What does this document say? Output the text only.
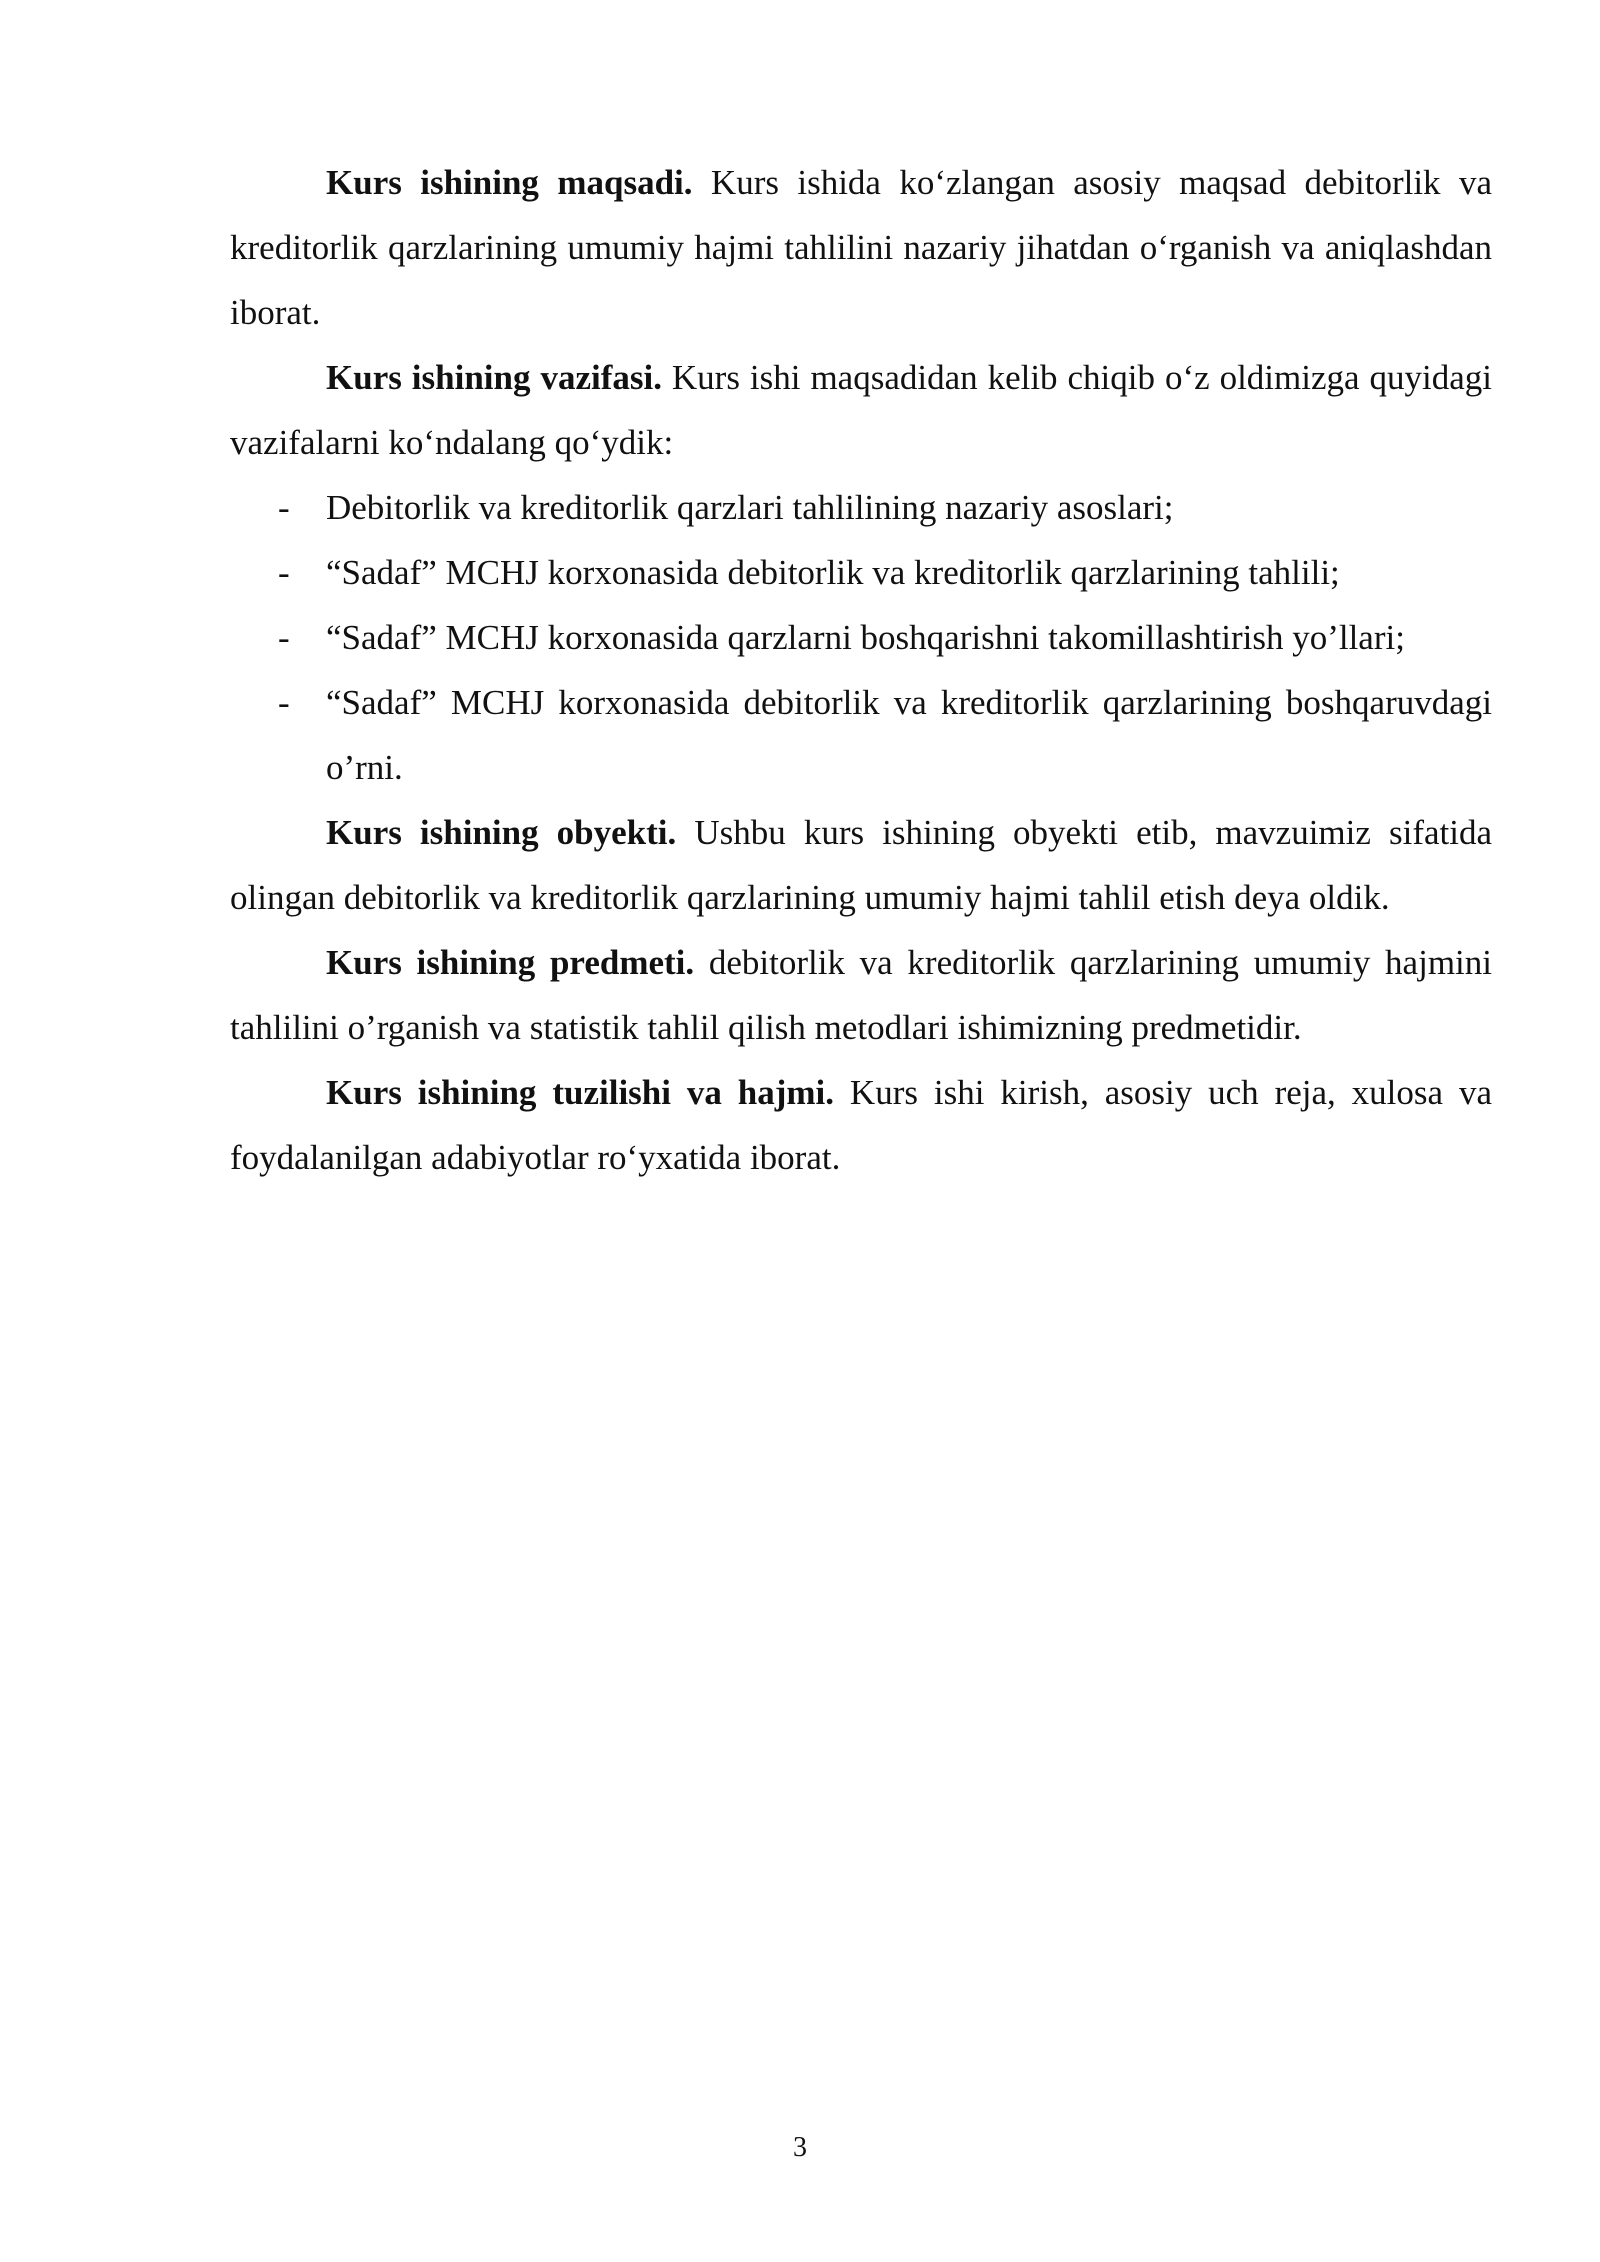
Kurs ishining maqsadi. Kurs ishida ko‘zlangan asosiy maqsad debitorlik va kreditorlik qarzlarining umumiy hajmi tahlilini nazariy jihatdan o‘rganish va aniqlashdan iborat.

Kurs ishining vazifasi. Kurs ishi maqsadidan kelib chiqib o‘z oldimizga quyidagi vazifalarni ko‘ndalang qo‘ydik:

- Debitorlik va kreditorlik qarzlari tahlilining nazariy asoslari;
- “Sadaf” MCHJ korxonasida debitorlik va kreditorlik qarzlarining tahlili;
- “Sadaf” MCHJ korxonasida qarzlarni boshqarishni takomillashtirish yo’llari;
- “Sadaf” MCHJ korxonasida debitorlik va kreditorlik qarzlarining boshqaruvdagi o’rni.

Kurs ishining obyekti. Ushbu kurs ishining obyekti etib, mavzuimiz sifatida olingan debitorlik va kreditorlik qarzlarining umumiy hajmi tahlil etish deya oldik.

Kurs ishining predmeti. debitorlik va kreditorlik qarzlarining umumiy hajmini tahlilini o’rganish va statistik tahlil qilish metodlari ishimizning predmetidir.

Kurs ishining tuzilishi va hajmi. Kurs ishi kirish, asosiy uch reja, xulosa va foydalanilgan adabiyotlar ro‘yxatida iborat.

3
